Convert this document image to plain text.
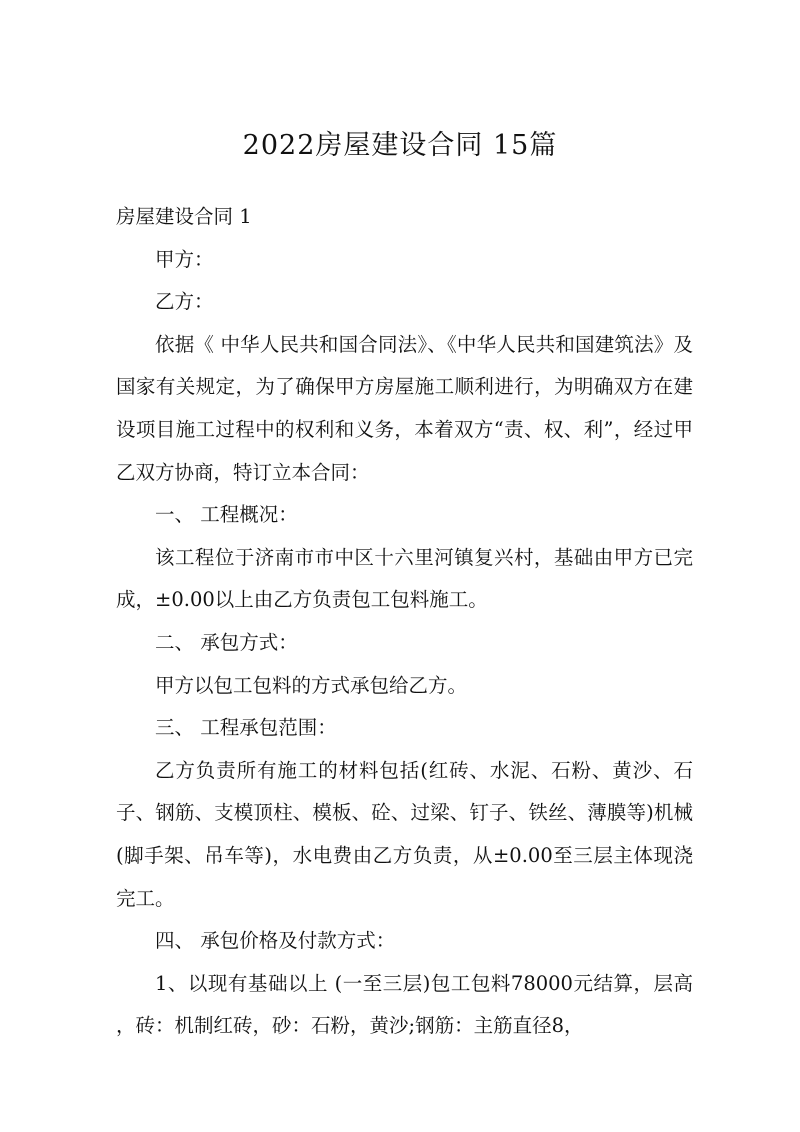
2022房屋建设合同 15篇

房屋建设合同 1

甲方：

乙方：

依据《 中华人民共和国合同法》、《中华人民共和国建筑法》及国家有关规定，为了确保甲方房屋施工顺利进行，为明确双方在建设项目施工过程中的权利和义务，本着双方“责、权、利”，经过甲乙双方协商，特订立本合同：

一、 工程概况：

该工程位于济南市市中区十六里河镇复兴村，基础由甲方已完成，±0.00以上由乙方负责包工包料施工。

二、 承包方式：

甲方以包工包料的方式承包给乙方。

三、 工程承包范围：

乙方负责所有施工的材料包括(红砖、水泥、石粉、黄沙、石子、钢筋、支模顶柱、模板、砼、过梁、钉子、铁丝、薄膜等)机械(脚手架、吊车等)，水电费由乙方负责，从±0.00至三层主体现浇完工。

四、 承包价格及付款方式：

1、以现有基础以上 (一至三层)包工包料78000元结算，层高 ，砖：机制红砖，砂：石粉，黄沙;钢筋：主筋直径8，
